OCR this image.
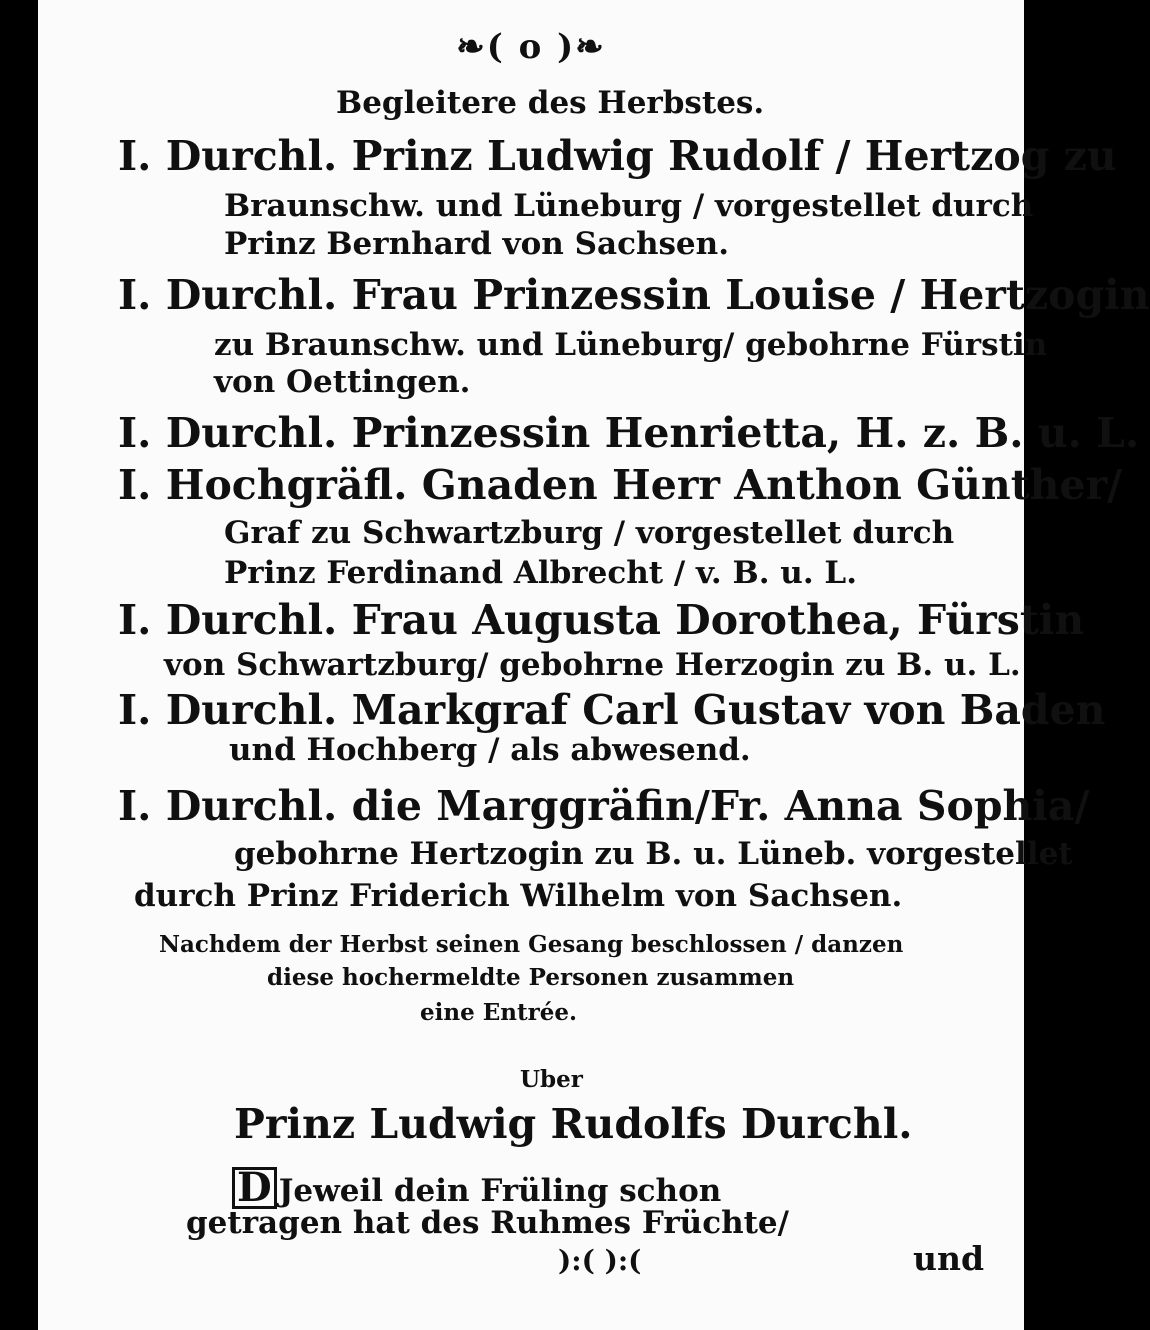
❧( o )❧
Begleitere des Herbstes.
I. Durchl. Prinz Ludwig Rudolf / Hertzog zu
Braunschw. und Lüneburg / vorgestellet durch
Prinz Bernhard von Sachsen.
I. Durchl. Frau Prinzessin Louise / Hertzogin
zu Braunschw. und Lüneburg/ gebohrne Fürstin
von Oettingen.
I. Durchl. Prinzessin Henrietta, H. z. B. u. L.
I. Hochgräfl. Gnaden Herr Anthon Günther/
Graf zu Schwartzburg / vorgestellet durch
Prinz Ferdinand Albrecht / v. B. u. L.
I. Durchl. Frau Augusta Dorothea, Fürstin
von Schwartzburg/ gebohrne Herzogin zu B. u. L.
I. Durchl. Markgraf Carl Gustav von Baden
und Hochberg / als abwesend.
I. Durchl. die Marggräfin/Fr. Anna Sophia/
gebohrne Hertzogin zu B. u. Lüneb. vorgestellet
durch Prinz Friderich Wilhelm von Sachsen.
Nachdem der Herbst seinen Gesang beschlossen / danzen
diese hochermeldte Personen zusammen
eine Entrée.
Uber
Prinz Ludwig Rudolfs Durchl.
D Jeweil dein Früling schon
getragen hat des Ruhmes Früchte/
):( ):(	und
